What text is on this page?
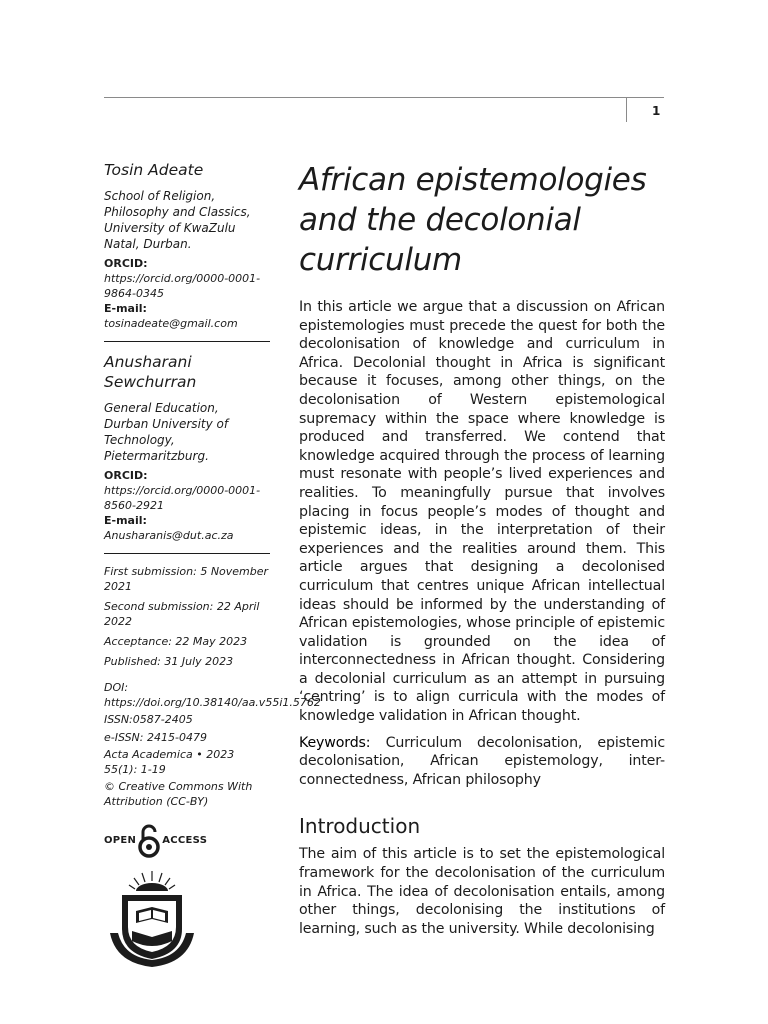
1
Tosin Adeate
School of Religion, Philosophy and Classics, University of KwaZulu Natal, Durban.
ORCID: https://orcid.org/0000-0001-9864-0345
E-mail:
tosinadeate@gmail.com
Anusharani Sewchurran
General Education, Durban University of Technology, Pietermaritzburg.
ORCID: https://orcid.org/0000-0001-8560-2921
E-mail:
Anusharanis@dut.ac.za
First submission: 5 November 2021
Second submission: 22 April 2022
Acceptance: 22 May 2023
Published: 31 July 2023
DOI: https://doi.org/10.38140/aa.v55i1.5762
ISSN:0587-2405
e-ISSN: 2415-0479
Acta Academica • 2023 55(1): 1-19
© Creative Commons With Attribution (CC-BY)
OPEN	ACCESS
African epistemologies and the decolonial curriculum

In this article we argue that a discussion on African epistemologies must precede the quest for both the decolonisation of knowledge and curriculum in Africa. Decolonial thought in Africa is significant because it focuses, among other things, on the decolonisation of Western epistemological supremacy within the space where knowledge is produced and transferred. We contend that knowledge acquired through the process of learning must resonate with people’s lived experiences and realities. To meaningfully pursue that involves placing in focus people’s modes of thought and epistemic ideas, in the interpretation of their experiences and the realities around them. This article argues that designing a decolonised curriculum that centres unique African intellectual ideas should be informed by the understanding of African epistemologies, whose principle of epistemic validation is grounded on the idea of interconnectedness in African thought. Considering a decolonial curriculum as an attempt in pursuing ‘centring’ is to align curricula with the modes of knowledge validation in African thought.

Keywords: Curriculum decolonisation, epistemic decolonisation, African epistemology, inter-connectedness, African philosophy

Introduction

The aim of this article is to set the epistemological framework for the decolonisation of the curriculum in Africa. The idea of decolonisation entails, among other things, decolonising the institutions of learning, such as the university. While decolonising
